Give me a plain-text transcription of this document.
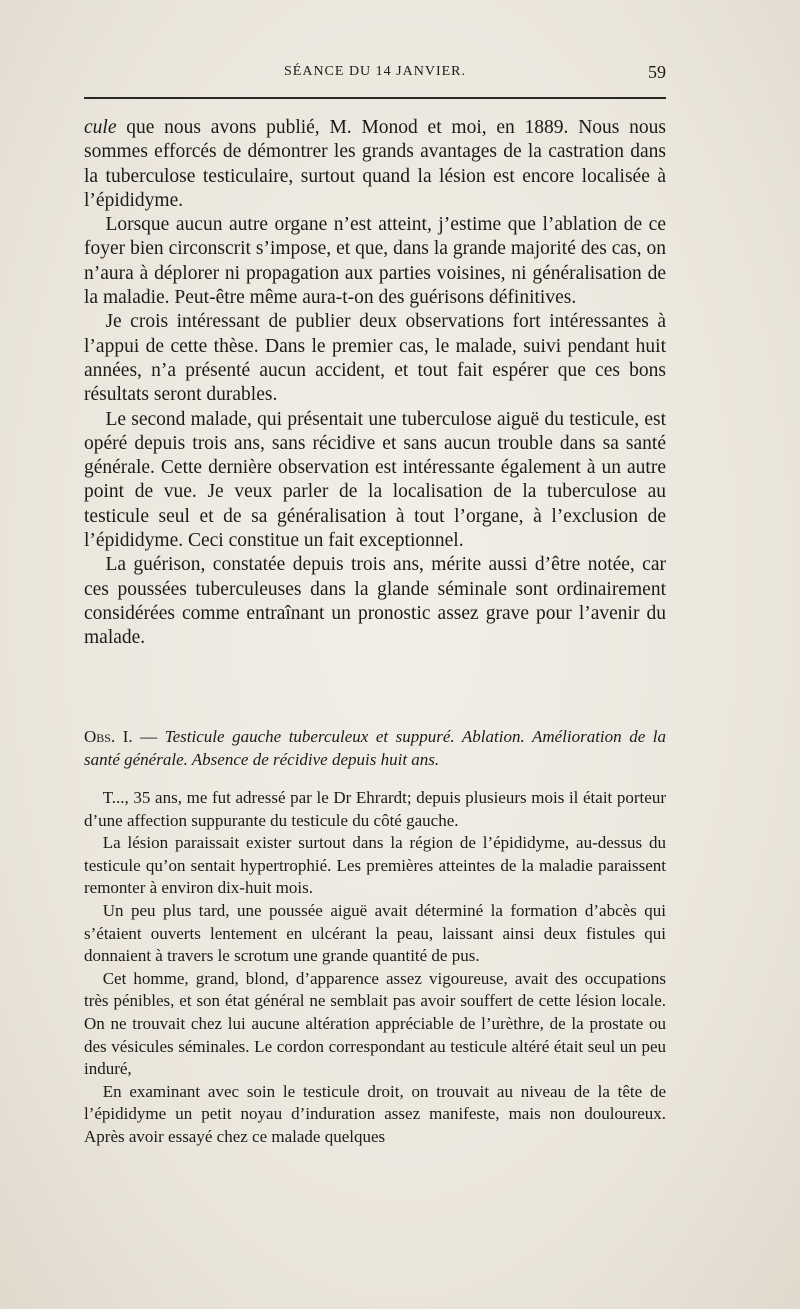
SÉANCE DU 14 JANVIER.	59

cule que nous avons publié, M. Monod et moi, en 1889. Nous nous sommes efforcés de démontrer les grands avantages de la castration dans la tuberculose testiculaire, surtout quand la lésion est encore localisée à l’épididyme.

Lorsque aucun autre organe n’est atteint, j’estime que l’ablation de ce foyer bien circonscrit s’impose, et que, dans la grande majorité des cas, on n’aura à déplorer ni propagation aux parties voisines, ni généralisation de la maladie. Peut-être même aura-t-on des guérisons définitives.

Je crois intéressant de publier deux observations fort intéressantes à l’appui de cette thèse. Dans le premier cas, le malade, suivi pendant huit années, n’a présenté aucun accident, et tout fait espérer que ces bons résultats seront durables.

Le second malade, qui présentait une tuberculose aiguë du testicule, est opéré depuis trois ans, sans récidive et sans aucun trouble dans sa santé générale. Cette dernière observation est intéressante également à un autre point de vue. Je veux parler de la localisation de la tuberculose au testicule seul et de sa généralisation à tout l’organe, à l’exclusion de l’épididyme. Ceci constitue un fait exceptionnel.

La guérison, constatée depuis trois ans, mérite aussi d’être notée, car ces poussées tuberculeuses dans la glande séminale sont ordinairement considérées comme entraînant un pronostic assez grave pour l’avenir du malade.

Obs. I. — Testicule gauche tuberculeux et suppuré. Ablation. Amélioration de la santé générale. Absence de récidive depuis huit ans.

T..., 35 ans, me fut adressé par le Dr Ehrardt; depuis plusieurs mois il était porteur d’une affection suppurante du testicule du côté gauche.

La lésion paraissait exister surtout dans la région de l’épididyme, au-dessus du testicule qu’on sentait hypertrophié. Les premières atteintes de la maladie paraissent remonter à environ dix-huit mois.

Un peu plus tard, une poussée aiguë avait déterminé la formation d’abcès qui s’étaient ouverts lentement en ulcérant la peau, laissant ainsi deux fistules qui donnaient à travers le scrotum une grande quantité de pus.

Cet homme, grand, blond, d’apparence assez vigoureuse, avait des occupations très pénibles, et son état général ne semblait pas avoir souffert de cette lésion locale. On ne trouvait chez lui aucune altération appréciable de l’urèthre, de la prostate ou des vésicules séminales. Le cordon correspondant au testicule altéré était seul un peu induré,

En examinant avec soin le testicule droit, on trouvait au niveau de la tête de l’épididyme un petit noyau d’induration assez manifeste, mais non douloureux. Après avoir essayé chez ce malade quelques
